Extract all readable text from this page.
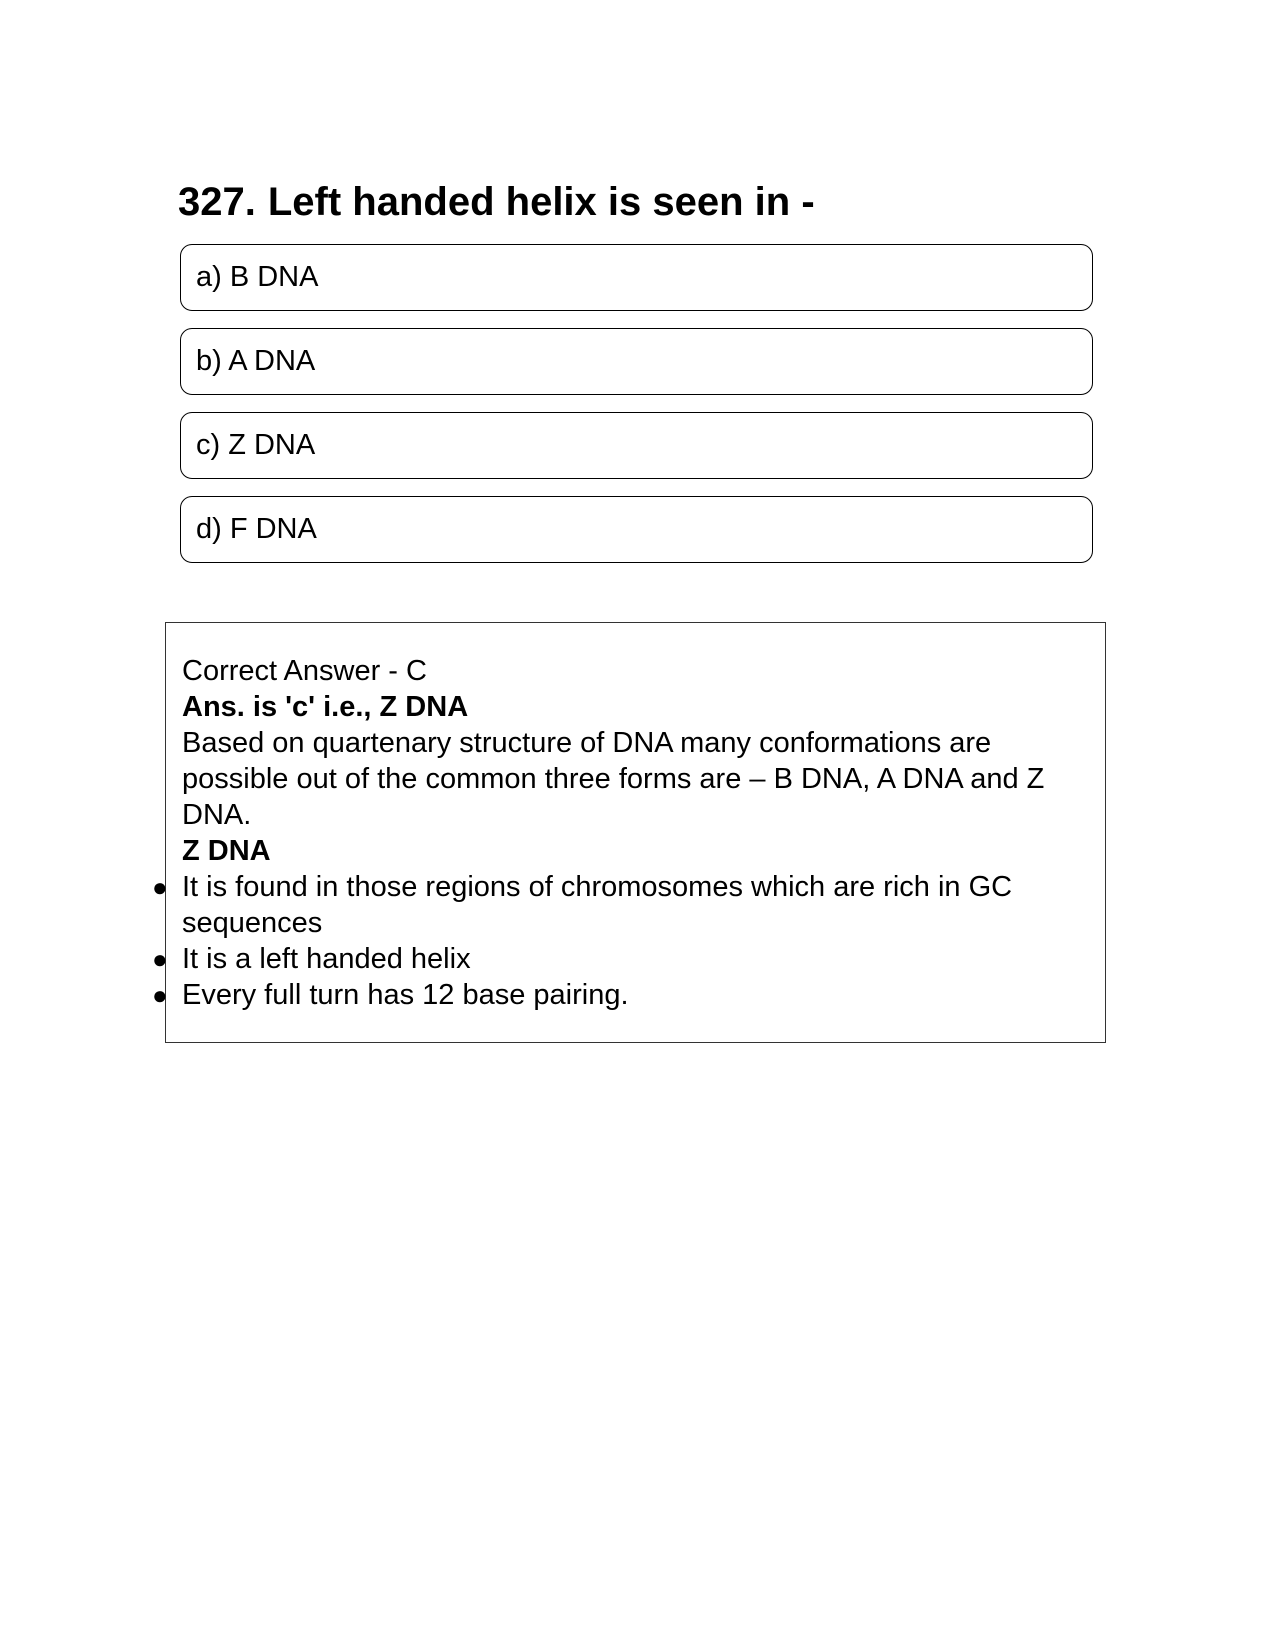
327. Left handed helix is seen in -
a) B DNA
b) A DNA
c) Z DNA
d) F DNA

Correct Answer - C

Ans. is 'c' i.e., Z DNA

Based on quartenary structure of DNA many conformations are possible out of the common three forms are – B DNA, A DNA and Z DNA.

Z DNA

● It is found in those regions of chromosomes which are rich in GC sequences
● It is a left handed helix
● Every full turn has 12 base pairing.
